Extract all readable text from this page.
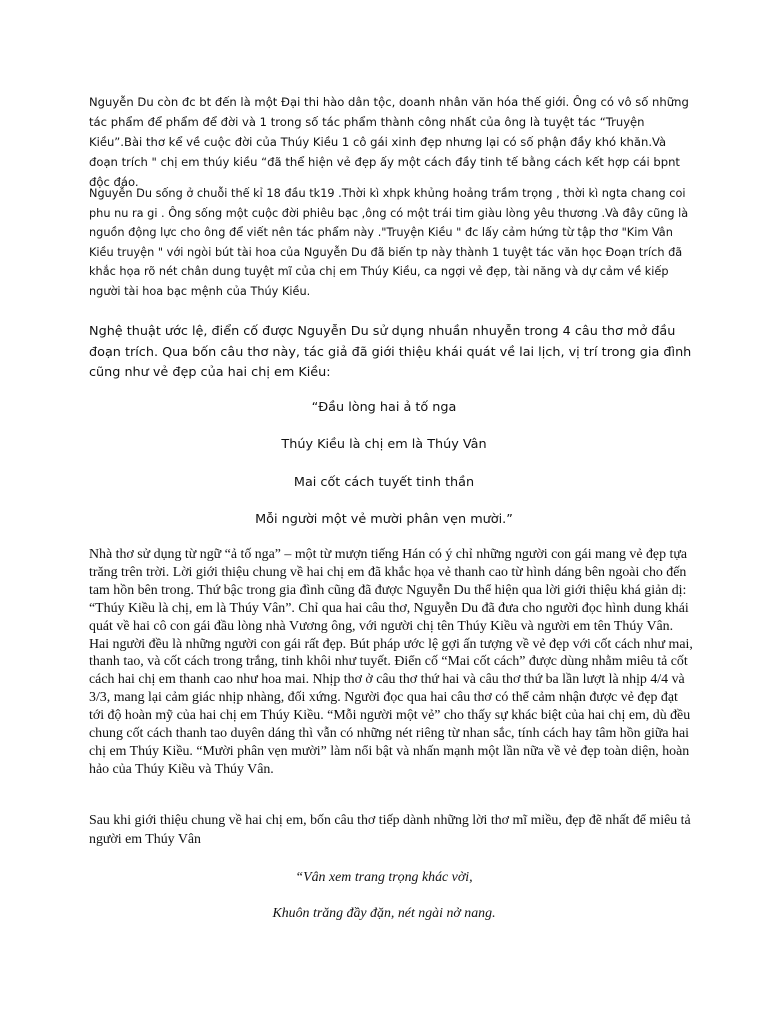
Nguyễn Du còn đc bt đến là một Đại thi hào dân tộc, doanh nhân văn hóa thế giới. Ông có vô số những tác phẩm để phẩm để đời và 1 trong số tác phẩm thành công nhất của ông là tuyệt tác “Truyện Kiều”.Bài thơ kể về cuộc đời của Thúy Kiều 1 cô gái xinh đẹp nhưng lại có số phận đầy khó khăn.Và đoạn trích " chị em thúy kiều “đã thể hiện vẻ đẹp ấy một cách đầy tinh tế bằng cách kết hợp cái bpnt độc đáo.

Nguyễn Du sống ở chuỗi thế kỉ 18 đầu tk19 .Thời kì xhpk khủng hoảng trầm trọng , thời kì ngta chang coi phu nu ra gi . Ông sống một cuộc đời phiêu bạc ,ông có một trái tim giàu lòng yêu thương .Và đây cũng là nguồn động lực cho ông để viết nên tác phẩm này ."Truyện Kiều " đc lấy cảm hứng từ tập thơ "Kim Vân Kiều truyện " với ngòi bút tài hoa của Nguyễn Du đã biến tp này thành 1 tuyệt tác văn học Đoạn trích đã khắc họa rõ nét chân dung tuyệt mĩ của chị em Thúy Kiều, ca ngợi vẻ đẹp, tài năng và dự cảm về kiếp người tài hoa bạc mệnh của Thúy Kiều.

Nghệ thuật ước lệ, điển cố được Nguyễn Du sử dụng nhuần nhuyễn trong 4 câu thơ mở đầu đoạn trích. Qua bốn câu thơ này, tác giả đã giới thiệu khái quát về lai lịch, vị trí trong gia đình cũng như vẻ đẹp của hai chị em Kiều:

“Đầu lòng hai ả tố nga

Thúy Kiều là chị em là Thúy Vân

Mai cốt cách tuyết tinh thần

Mỗi người một vẻ mười phân vẹn mười.”

Nhà thơ sử dụng từ ngữ “ả tố nga” – một từ mượn tiếng Hán có ý chỉ những người con gái mang vẻ đẹp tựa trăng trên trời. Lời giới thiệu chung về hai chị em đã khắc họa vẻ thanh cao từ hình dáng bên ngoài cho đến tam hồn bên trong. Thứ bậc trong gia đình cũng đã được Nguyễn Du thể hiện qua lời giới thiệu khá giản dị: “Thúy Kiều là chị, em là Thúy Vân”. Chỉ qua hai câu thơ, Nguyễn Du đã đưa cho người đọc hình dung khái quát về hai cô con gái đầu lòng nhà Vương ông, với người chị tên Thúy Kiều và người em tên Thúy Vân. Hai người đều là những người con gái rất đẹp. Bút pháp ước lệ gợi ấn tượng về vẻ đẹp với cốt cách như mai, thanh tao, và cốt cách trong trắng, tinh khôi như tuyết. Điển cố “Mai cốt cách” được dùng nhằm miêu tả cốt cách hai chị em thanh cao như hoa mai. Nhịp thơ ở câu thơ thứ hai và câu thơ thứ ba lần lượt là nhịp 4/4 và 3/3, mang lại cảm giác nhịp nhàng, đối xứng. Người đọc qua hai câu thơ có thể cảm nhận được vẻ đẹp đạt tới độ hoàn mỹ của hai chị em Thúy Kiều. “Mỗi người một vẻ” cho thấy sự khác biệt của hai chị em, dù đều chung cốt cách thanh tao duyên dáng thì vẫn có những nét riêng từ nhan sắc, tính cách hay tâm hồn giữa hai chị em Thúy Kiều. “Mười phân vẹn mười” làm nổi bật và nhấn mạnh một lần nữa về vẻ đẹp toàn diện, hoàn hảo của Thúy Kiều và Thúy Vân.

Sau khi giới thiệu chung về hai chị em, bốn câu thơ tiếp dành những lời thơ mĩ miều, đẹp đẽ nhất để miêu tả người em Thúy Vân

“Vân xem trang trọng khác vời,

Khuôn trăng đầy đặn, nét ngài nở nang.
